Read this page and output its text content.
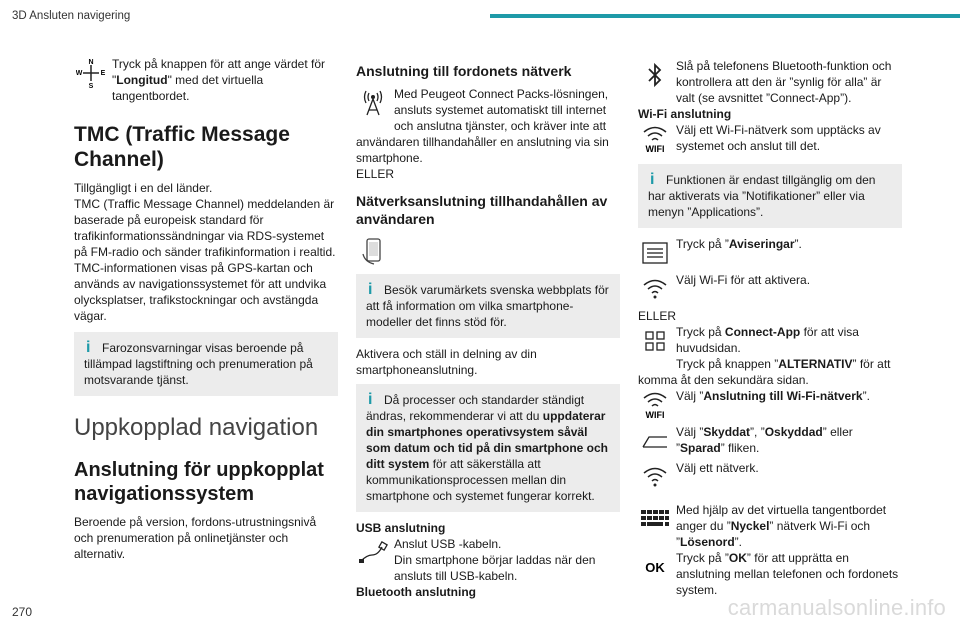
3D Ansluten navigering

N
S
E
W
Tryck på knappen för att ange värdet för "Longitud" med det virtuella tangentbordet.

TMC (Traffic Message Channel)

Tillgängligt i en del länder.
TMC (Traffic Message Channel) meddelanden är baserade på europeisk standard för trafikinformationssändningar via RDS-systemet på FM-radio och sänder trafikinformation i realtid.
TMC-informationen visas på GPS-kartan och används av navigationssystemet för att undvika olycksplatser, trafikstockningar och avstängda vägar.

i Farozonsvarningar visas beroende på tillämpad lagstiftning och prenumeration på motsvarande tjänst.
Uppkopplad navigation
Anslutning för uppkopplat navigationssystem

Beroende på version, fordons-utrustningsnivå och prenumeration på onlinetjänster och alternativ.

Anslutning till fordonets nätverk

Med Peugeot Connect Packs-lösningen, ansluts systemet automatiskt till internet och anslutna tjänster, och kräver inte att användaren tillhandahåller en anslutning via sin smartphone.

ELLER

Nätverksanslutning tillhandahållen av användaren
i Besök varumärkets svenska webbplats för att få information om vilka smartphone-modeller det finns stöd för.

Aktivera och ställ in delning av din smartphoneanslutning.

i Då processer och standarder ständigt ändras, rekommenderar vi att du uppdaterar din smartphones operativsystem såväl som datum och tid på din smartphone och ditt system för att säkerställa att kommunikationsprocessen mellan din smartphone och systemet fungerar korrekt.

USB anslutning

Anslut USB -kabeln.
Din smartphone börjar laddas när den ansluts till USB-kabeln.
Bluetooth anslutning

Slå på telefonens Bluetooth-funktion och kontrollera att den är ”synlig för alla” är valt (se avsnittet ”Connect-App”).
Wi-Fi anslutning

WIFI
Välj ett Wi-Fi-nätverk som upptäcks av systemet och anslut till det.

i Funktionen är endast tillgänglig om den har aktiverats via ”Notifikationer” eller via menyn ”Applications”.

Tryck på ”Aviseringar”.

Välj Wi-Fi för att aktivera.

ELLER

Tryck på Connect-App för att visa huvudsidan.
Tryck på knappen ”ALTERNATIV” för att komma åt den sekundära sidan.

WIFI
Välj ”Anslutning till Wi-Fi-nätverk”.

Välj ”Skyddat”, ”Oskyddad” eller ”Sparad” fliken.

Välj ett nätverk.

Med hjälp av det virtuella tangentbordet anger du ”Nyckel” nätverk Wi-Fi och ”Lösenord”.

OK
Tryck på ”OK” för att upprätta en anslutning mellan telefonen och fordonets system.

270	carmanualsonline.info
